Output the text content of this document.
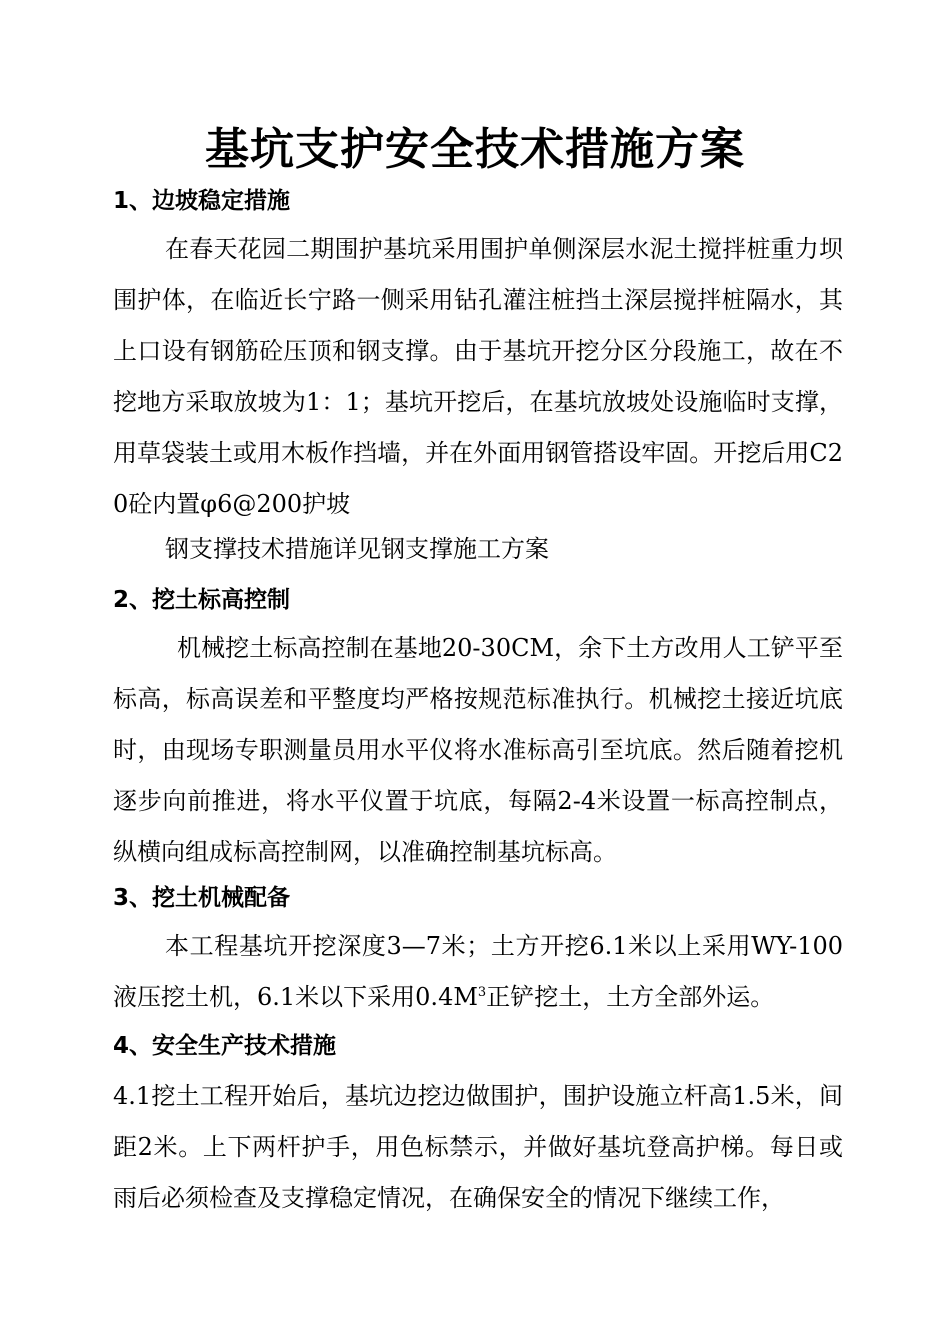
基坑支护安全技术措施方案
1、边坡稳定措施

在春天花园二期围护基坑采用围护单侧深层水泥土搅拌桩重力坝围护体，在临近长宁路一侧采用钻孔灌注桩挡土深层搅拌桩隔水，其上口设有钢筋砼压顶和钢支撑。由于基坑开挖分区分段施工，故在不挖地方采取放坡为1：1；基坑开挖后，在基坑放坡处设施临时支撑，用草袋装土或用木板作挡墙，并在外面用钢管搭设牢固。开挖后用C20砼内置φ6@200护坡

钢支撑技术措施详见钢支撑施工方案

2、挖土标高控制

机械挖土标高控制在基地20-30CM，余下土方改用人工铲平至标高，标高误差和平整度均严格按规范标准执行。机械挖土接近坑底时，由现场专职测量员用水平仪将水准标高引至坑底。然后随着挖机逐步向前推进，将水平仪置于坑底，每隔2-4米设置一标高控制点，纵横向组成标高控制网，以准确控制基坑标高。

3、挖土机械配备

本工程基坑开挖深度3—7米；土方开挖6.1米以上采用WY-100液压挖土机，6.1米以下采用$0.4M^3$正铲挖土，土方全部外运。

4、安全生产技术措施

4.1挖土工程开始后，基坑边挖边做围护，围护设施立杆高1.5米，间距2米。上下两杆护手，用色标禁示，并做好基坑登高护梯。每日或雨后必须检查及支撑稳定情况，在确保安全的情况下继续工作，
